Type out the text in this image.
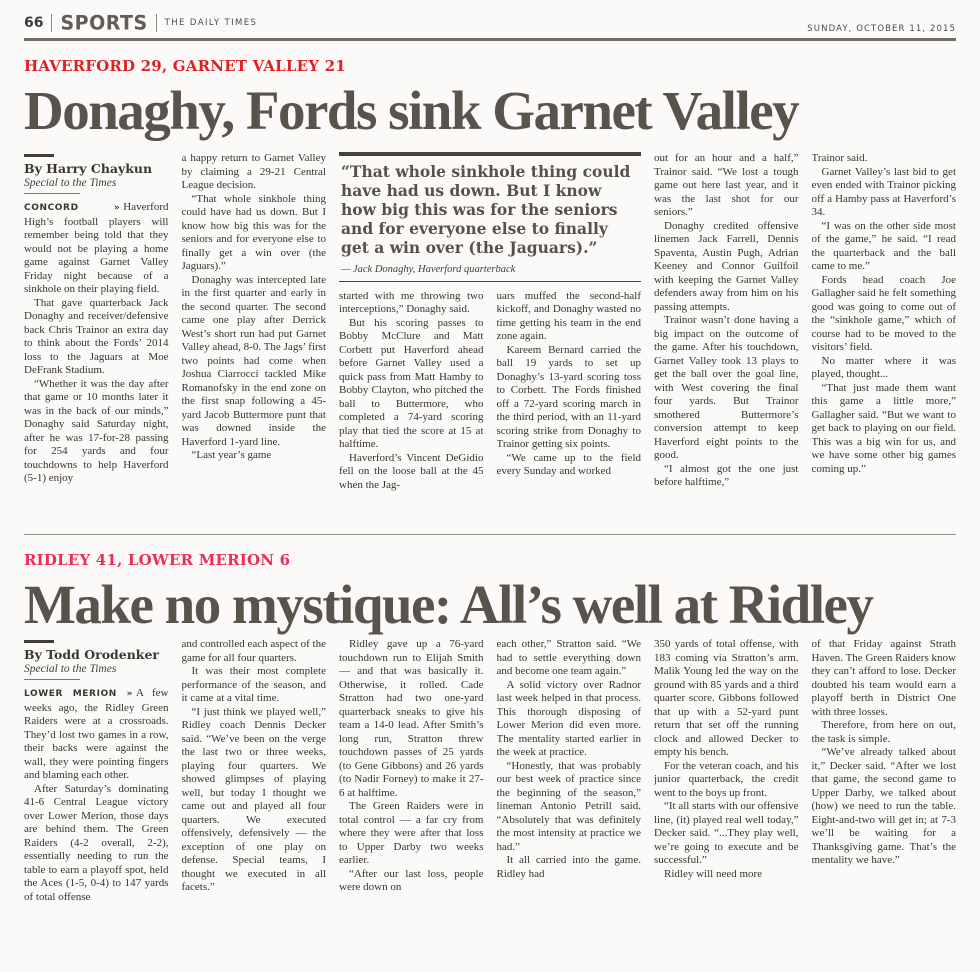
66 SPORTS THE DAILY TIMES
SUNDAY, OCTOBER 11, 2015
HAVERFORD 29, GARNET VALLEY 21
Donaghy, Fords sink Garnet Valley
By Harry Chaykun
Special to the Times

CONCORD » Haverford High’s football players will remember being told that they would not be playing a home game against Garnet Valley Friday night because of a sinkhole on their playing field.

That gave quarterback Jack Donaghy and receiver/defensive back Chris Trainor an extra day to think about the Fords’ 2014 loss to the Jaguars at Moe DeFrank Stadium.

“Whether it was the day after that game or 10 months later it was in the back of our minds,” Donaghy said Saturday night, after he was 17-for-28 passing for 254 yards and four touchdowns to help Haverford (5-1) enjoy

a happy return to Garnet Valley by claiming a 29-21 Central League decision.

“That whole sinkhole thing could have had us down. But I know how big this was for the seniors and for everyone else to finally get a win over (the Jaguars).”

Donaghy was intercepted late in the first quarter and early in the second quarter. The second came one play after Derrick West’s short run had put Garnet Valley ahead, 8-0. The Jags’ first two points had come when Joshua Ciarrocci tackled Mike Romanofsky in the end zone on the first snap following a 45-yard Jacob Buttermore punt that was downed inside the Haverford 1-yard line.

“Last year’s game

“That whole sinkhole thing could have had us down. But I know how big this was for the seniors and for everyone else to finally get a win over (the Jaguars).”

— Jack Donaghy, Haverford quarterback

started with me throwing two interceptions,” Donaghy said.

But his scoring passes to Bobby McClure and Matt Corbett put Haverford ahead before Garnet Valley used a quick pass from Matt Hamby to Bobby Clayton, who pitched the ball to Buttermore, who completed a 74-yard scoring play that tied the score at 15 at halftime.

Haverford’s Vincent DeGidio fell on the loose ball at the 45 when the Jag-

uars muffed the second-half kickoff, and Donaghy wasted no time getting his team in the end zone again.

Kareem Bernard carried the ball 19 yards to set up Donaghy’s 13-yard scoring toss to Corbett. The Fords finished off a 72-yard scoring march in the third period, with an 11-yard scoring strike from Donaghy to Trainor getting six points.

“We came up to the field every Sunday and worked

out for an hour and a half,” Trainor said. “We lost a tough game out here last year, and it was the last shot for our seniors.”

Donaghy credited offensive linemen Jack Farrell, Dennis Spaventa, Austin Pugh, Adrian Keeney and Connor Guilfoil with keeping the Garnet Valley defenders away from him on his passing attempts.

Trainor wasn’t done having a big impact on the outcome of the game. After his touchdown, Garnet Valley took 13 plays to get the ball over the goal line, with West covering the final four yards. But Trainor smothered Buttermore’s conversion attempt to keep Haverford eight points to the good.

“I almost got the one just before halftime,”

Trainor said.

Garnet Valley’s last bid to get even ended with Trainor picking off a Hamby pass at Haverford’s 34.

“I was on the other side most of the game,” he said. “I read the quarterback and the ball came to me.”

Fords head coach Joe Gallagher said he felt something good was going to come out of the “sinkhole game,” which of course had to be moved to the visitors’ field.

No matter where it was played, thought...

“That just made them want this game a little more,” Gallagher said. “But we want to get back to playing on our field. This was a big win for us, and we have some other big games coming up.”

RIDLEY 41, LOWER MERION 6
Make no mystique: All’s well at Ridley
By Todd Orodenker
Special to the Times

LOWER MERION » A few weeks ago, the Ridley Green Raiders were at a crossroads. They’d lost two games in a row, their backs were against the wall, they were pointing fingers and blaming each other.

After Saturday’s dominating 41-6 Central League victory over Lower Merion, those days are behind them. The Green Raiders (4-2 overall, 2-2), essentially needing to run the table to earn a playoff spot, held the Aces (1-5, 0-4) to 147 yards of total offense

and controlled each aspect of the game for all four quarters.

It was their most complete performance of the season, and it came at a vital time.

“I just think we played well,” Ridley coach Dennis Decker said. “We’ve been on the verge the last two or three weeks, playing four quarters. We showed glimpses of playing well, but today I thought we came out and played all four quarters. We executed offensively, defensively — the exception of one play on defense. Special teams, I thought we executed in all facets.”

Ridley gave up a 76-yard touchdown run to Elijah Smith — and that was basically it. Otherwise, it rolled. Cade Stratton had two one-yard quarterback sneaks to give his team a 14-0 lead. After Smith’s long run, Stratton threw touchdown passes of 25 yards (to Gene Gibbons) and 26 yards (to Nadir Forney) to make it 27-6 at halftime.

The Green Raiders were in total control — a far cry from where they were after that loss to Upper Darby two weeks earlier.

“After our last loss, people were down on

each other,” Stratton said. “We had to settle everything down and become one team again.”

A solid victory over Radnor last week helped in that process. This thorough disposing of Lower Merion did even more. The mentality started earlier in the week at practice.

“Honestly, that was probably our best week of practice since the beginning of the season,” lineman Antonio Petrill said. “Absolutely that was definitely the most intensity at practice we had.”

It all carried into the game. Ridley had

350 yards of total offense, with 183 coming via Stratton’s arm. Malik Young led the way on the ground with 85 yards and a third quarter score. Gibbons followed that up with a 52-yard punt return that set off the running clock and allowed Decker to empty his bench.

For the veteran coach, and his junior quarterback, the credit went to the boys up front.

“It all starts with our offensive line, (it) played real well today,” Decker said. “...They play well, we’re going to execute and be successful.”

Ridley will need more

of that Friday against Strath Haven. The Green Raiders know they can’t afford to lose. Decker doubted his team would earn a playoff berth in District One with three losses.

Therefore, from here on out, the task is simple.

“We’ve already talked about it,” Decker said. “After we lost that game, the second game to Upper Darby, we talked about (how) we need to run the table. Eight-and-two will get in; at 7-3 we’ll be waiting for a Thanksgiving game. That’s the mentality we have.”
